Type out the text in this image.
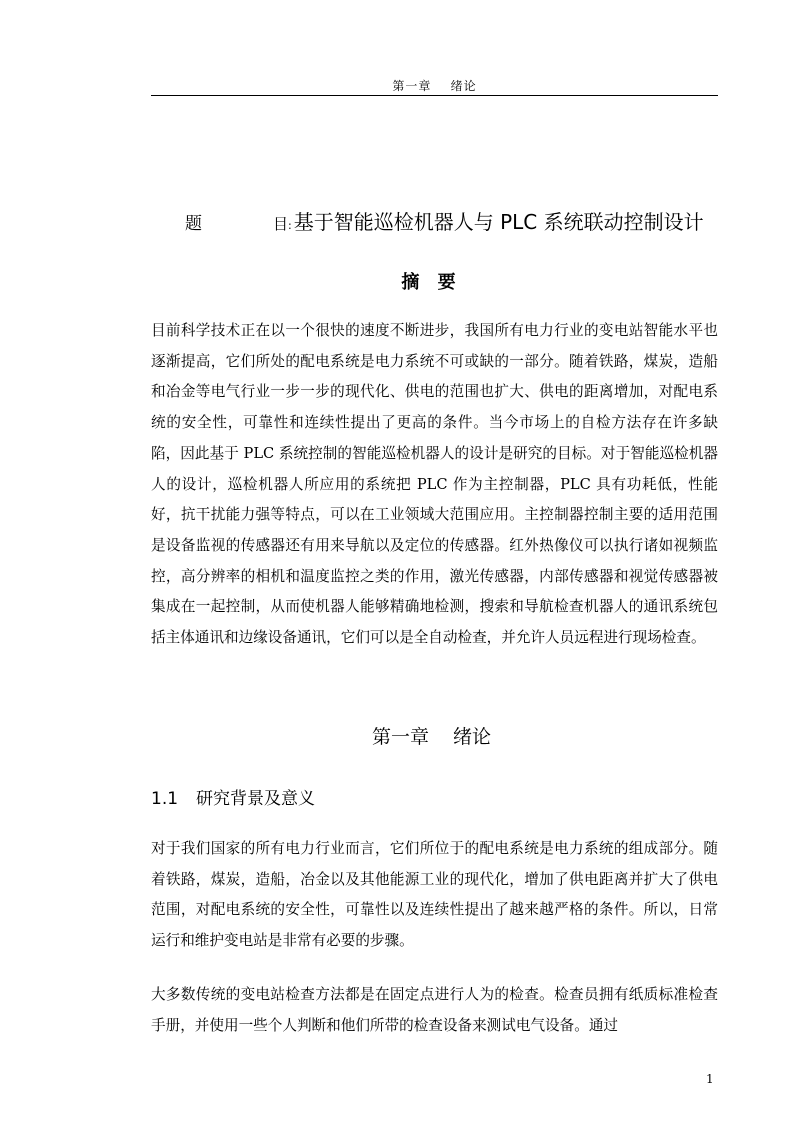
第一章 绪论
题	目: 基于智能巡检机器人与 PLC 系统联动控制设计
摘 要

目前科学技术正在以一个很快的速度不断进步，我国所有电力行业的变电站智能水平也逐渐提高，它们所处的配电系统是电力系统不可或缺的一部分。随着铁路，煤炭，造船和冶金等电气行业一步一步的现代化、供电的范围也扩大、供电的距离增加，对配电系统的安全性，可靠性和连续性提出了更高的条件。当今市场上的自检方法存在许多缺陷，因此基于 PLC 系统控制的智能巡检机器人的设计是研究的目标。对于智能巡检机器人的设计，巡检机器人所应用的系统把 PLC 作为主控制器，PLC 具有功耗低，性能好，抗干扰能力强等特点，可以在工业领域大范围应用。主控制器控制主要的适用范围是设备监视的传感器还有用来导航以及定位的传感器。红外热像仪可以执行诸如视频监控，高分辨率的相机和温度监控之类的作用，激光传感器，内部传感器和视觉传感器被集成在一起控制，从而使机器人能够精确地检测，搜索和导航检查机器人的通讯系统包括主体通讯和边缘设备通讯，它们可以是全自动检查，并允许人员远程进行现场检查。

第一章 绪论
1.1 研究背景及意义

对于我们国家的所有电力行业而言，它们所位于的配电系统是电力系统的组成部分。随着铁路，煤炭，造船，冶金以及其他能源工业的现代化，增加了供电距离并扩大了供电范围，对配电系统的安全性，可靠性以及连续性提出了越来越严格的条件。所以，日常运行和维护变电站是非常有必要的步骤。

大多数传统的变电站检查方法都是在固定点进行人为的检查。检查员拥有纸质标准检查手册，并使用一些个人判断和他们所带的检查设备来测试电气设备。通过

1
